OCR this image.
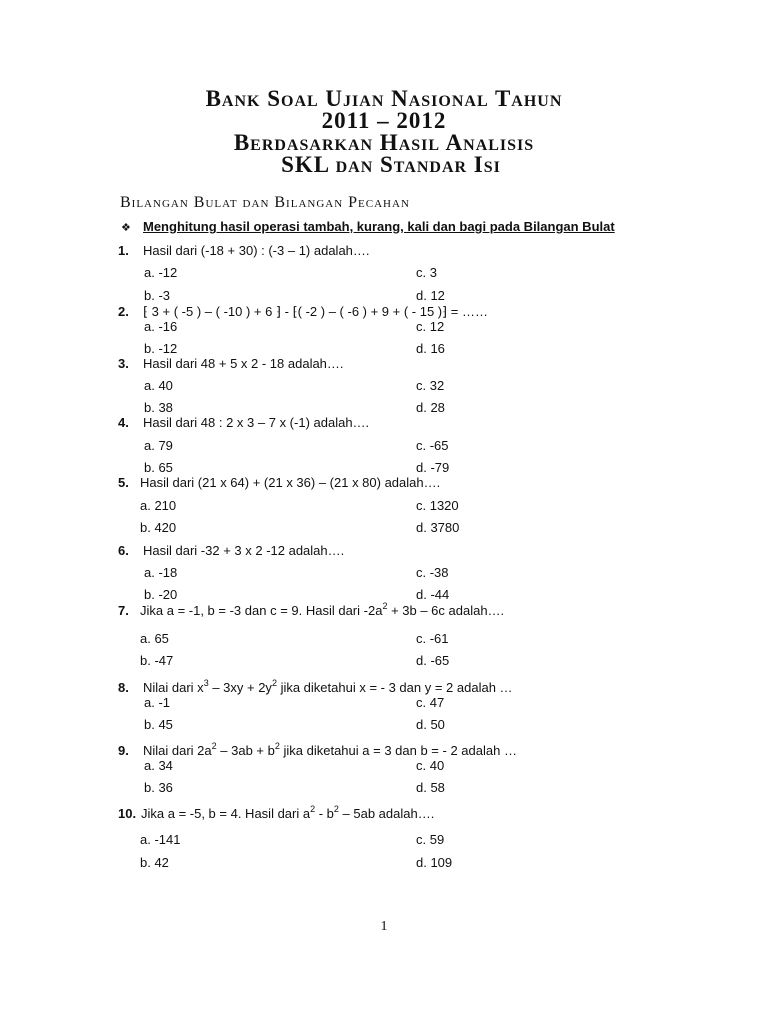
Bank Soal Ujian Nasional Tahun
2011 – 2012
Berdasarkan Hasil Analisis
SKL dan Standar Isi
Bilangan Bulat dan Bilangan Pecahan
❖ Menghitung hasil operasi tambah, kurang, kali dan bagi pada Bilangan Bulat
1. Hasil dari (-18 + 30) : (-3 – 1) adalah….
a. -12	c. 3
b. -3	d. 12
2. ⁅ 3 + ( -5 ) – ( -10 ) + 6 ⁆ - ⁅( -2 ) – ( -6 ) + 9 + ( - 15 )⁆ = ……
a. -16	c. 12
b. -12	d. 16
3. Hasil dari 48 + 5 x 2 - 18 adalah….
a. 40	c. 32
b. 38	d. 28
4. Hasil dari 48 : 2 x 3 – 7 x (-1) adalah….
a. 79	c. -65
b. 65	d. -79
5. Hasil dari (21 x 64) + (21 x 36) – (21 x 80) adalah….
a. 210	c. 1320
b. 420	d. 3780
6. Hasil dari -32 + 3 x 2 -12 adalah….
a. -18	c. -38
b. -20	d. -44
7. Jika a = -1, b = -3 dan c = 9. Hasil dari $-2a^2 + 3b - 6c$ adalah….
a. 65	c. -61
b. -47	d. -65
8. Nilai dari $x^3 - 3xy + 2y^2$ jika diketahui x = - 3 dan y = 2 adalah …
a. -1	c. 47
b. 45	d. 50
9. Nilai dari $2a^2 - 3ab + b^2$ jika diketahui a = 3 dan b = - 2 adalah …
a. 34	c. 40
b. 36	d. 58
10. Jika a = -5, b = 4. Hasil dari $a^2 - b^2 - 5ab$ adalah….
a. -141	c. 59
b. 42	d. 109
1
